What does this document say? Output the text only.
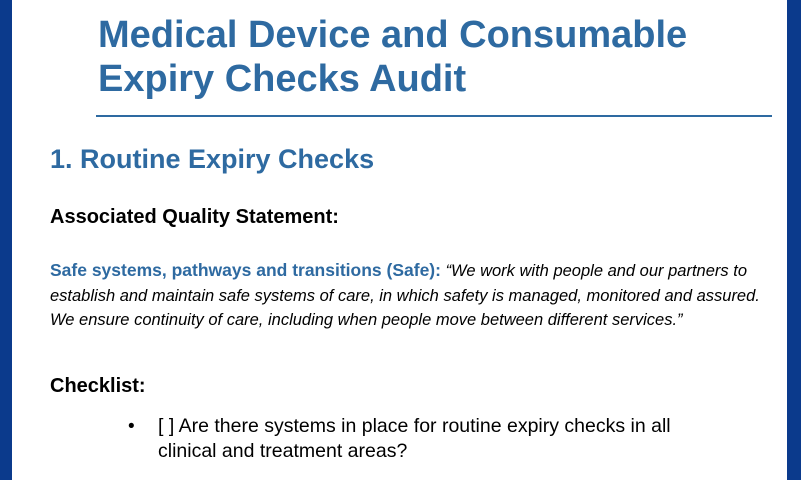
Medical Device and Consumable
Expiry Checks Audit
1. Routine Expiry Checks
Associated Quality Statement:

Safe systems, pathways and transitions (Safe): “We work with people and our partners to establish and maintain safe systems of care, in which safety is managed, monitored and assured. We ensure continuity of care, including when people move between different services.”

Checklist:
• [ ] Are there systems in place for routine expiry checks in all clinical and treatment areas?
